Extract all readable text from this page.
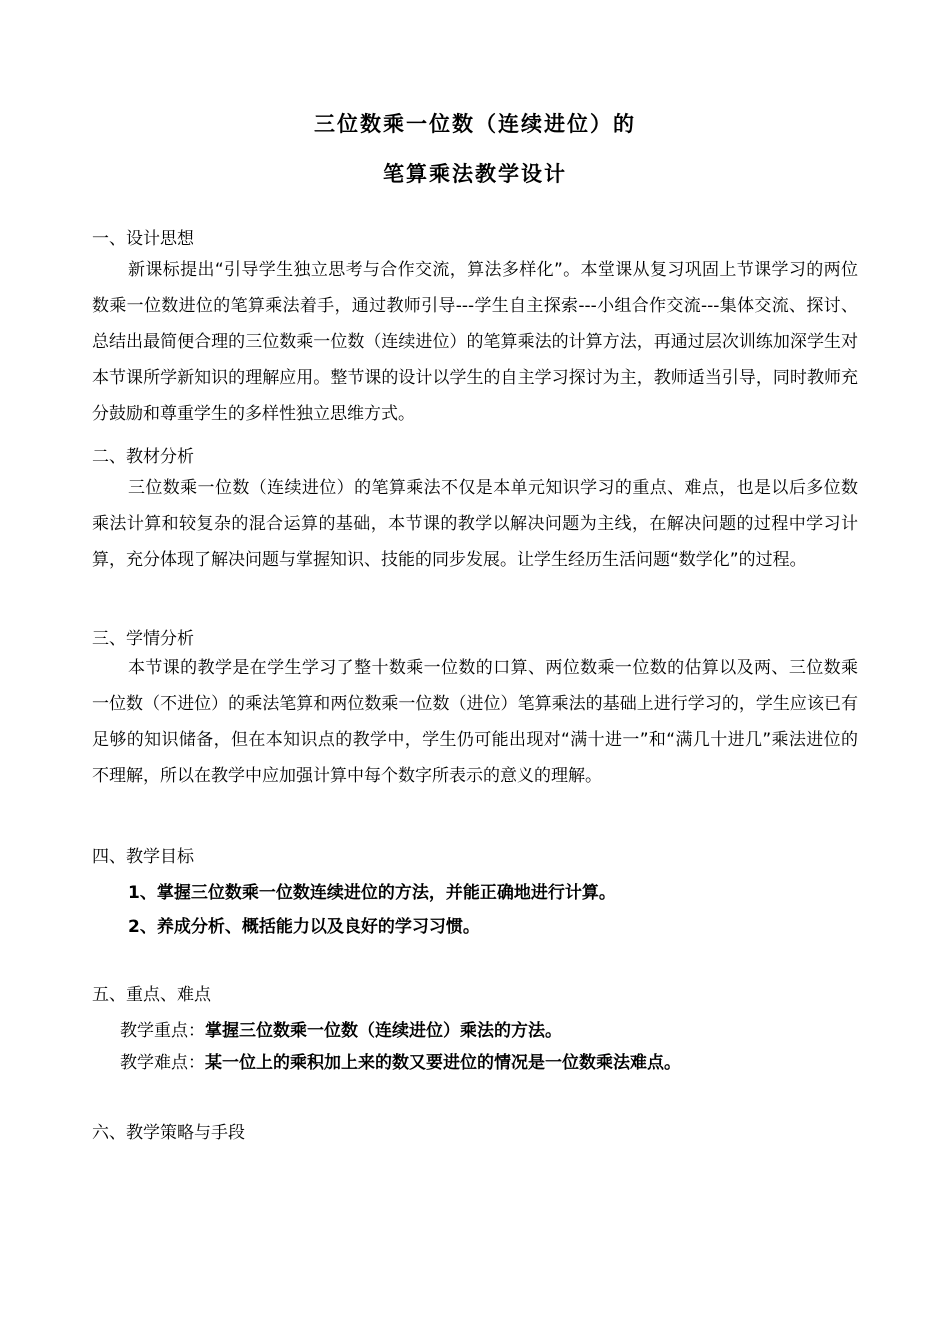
三位数乘一位数（连续进位）的
笔算乘法教学设计
一、设计思想

新课标提出“引导学生独立思考与合作交流，算法多样化”。本堂课从复习巩固上节课学习的两位数乘一位数进位的笔算乘法着手，通过教师引导---学生自主探索---小组合作交流---集体交流、探讨、总结出最简便合理的三位数乘一位数（连续进位）的笔算乘法的计算方法，再通过层次训练加深学生对本节课所学新知识的理解应用。整节课的设计以学生的自主学习探讨为主，教师适当引导，同时教师充分鼓励和尊重学生的多样性独立思维方式。

二、教材分析

三位数乘一位数（连续进位）的笔算乘法不仅是本单元知识学习的重点、难点，也是以后多位数乘法计算和较复杂的混合运算的基础，本节课的教学以解决问题为主线，在解决问题的过程中学习计算，充分体现了解决问题与掌握知识、技能的同步发展。让学生经历生活问题“数学化”的过程。

三、学情分析

本节课的教学是在学生学习了整十数乘一位数的口算、两位数乘一位数的估算以及两、三位数乘一位数（不进位）的乘法笔算和两位数乘一位数（进位）笔算乘法的基础上进行学习的，学生应该已有足够的知识储备，但在本知识点的教学中，学生仍可能出现对“满十进一”和“满几十进几”乘法进位的不理解，所以在教学中应加强计算中每个数字所表示的意义的理解。

四、教学目标
1、掌握三位数乘一位数连续进位的方法，并能正确地进行计算。
2、养成分析、概括能力以及良好的学习习惯。
五、重点、难点
教学重点：掌握三位数乘一位数（连续进位）乘法的方法。
教学难点：某一位上的乘积加上来的数又要进位的情况是一位数乘法难点。
六、教学策略与手段
